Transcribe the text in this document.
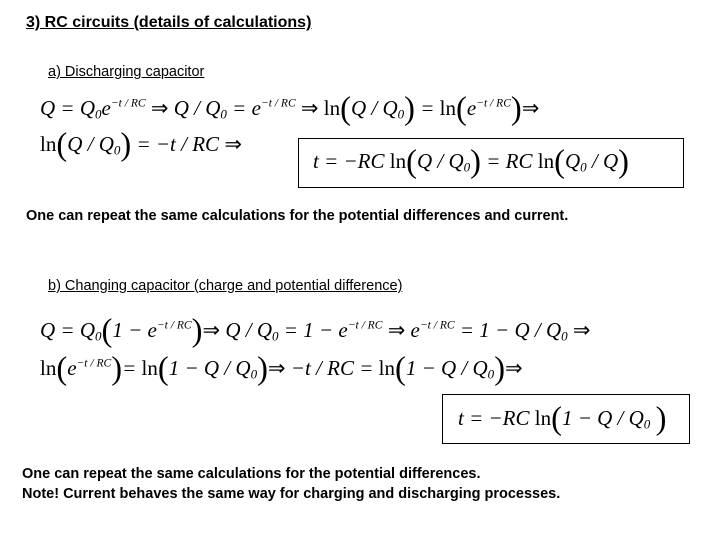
3) RC circuits (details of calculations)
a) Discharging capacitor
$Q = Q_0e^{-t / RC}$ ⇒ $Q / Q_0 = e^{-t / RC}$ ⇒ $\ln(Q / Q_0)$ = $\ln(e^{-t / RC})\Rightarrow$
$\ln(Q / Q_0) = -t$ / RC ⇒
t = −RC $\ln(Q / Q_0)$ = RC $\ln(Q_0 / Q)$
One can repeat the same calculations for the potential differences and current.
b) Changing capacitor (charge and potential difference)
$Q = Q_0(1$ − $e^{-t / RC})\Rightarrow$ $Q / Q_0 = 1 - e^{-t / RC}$ ⇒ $e^{-t / RC} = 1 - Q / Q_0$ ⇒
$\ln(e^{-t / RC})= \ln(1 - Q$ / $Q_0)\Rightarrow -t$ / RC = $\ln(1 - Q / Q_0)\Rightarrow$
t = −RC $\ln(1 - Q / Q_0$ )
One can repeat the same calculations for the potential differences.
Note! Current behaves the same way for charging and discharging processes.
